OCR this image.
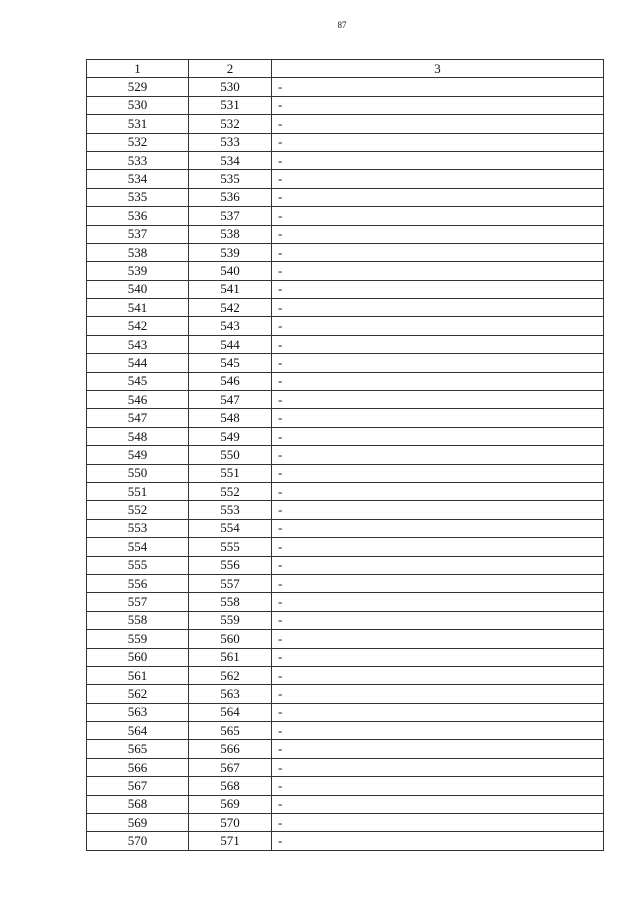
87
1	2	3
529	530	-
530	531	-
531	532	-
532	533	-
533	534	-
534	535	-
535	536	-
536	537	-
537	538	-
538	539	-
539	540	-
540	541	-
541	542	-
542	543	-
543	544	-
544	545	-
545	546	-
546	547	-
547	548	-
548	549	-
549	550	-
550	551	-
551	552	-
552	553	-
553	554	-
554	555	-
555	556	-
556	557	-
557	558	-
558	559	-
559	560	-
560	561	-
561	562	-
562	563	-
563	564	-
564	565	-
565	566	-
566	567	-
567	568	-
568	569	-
569	570	-
570	571	-
